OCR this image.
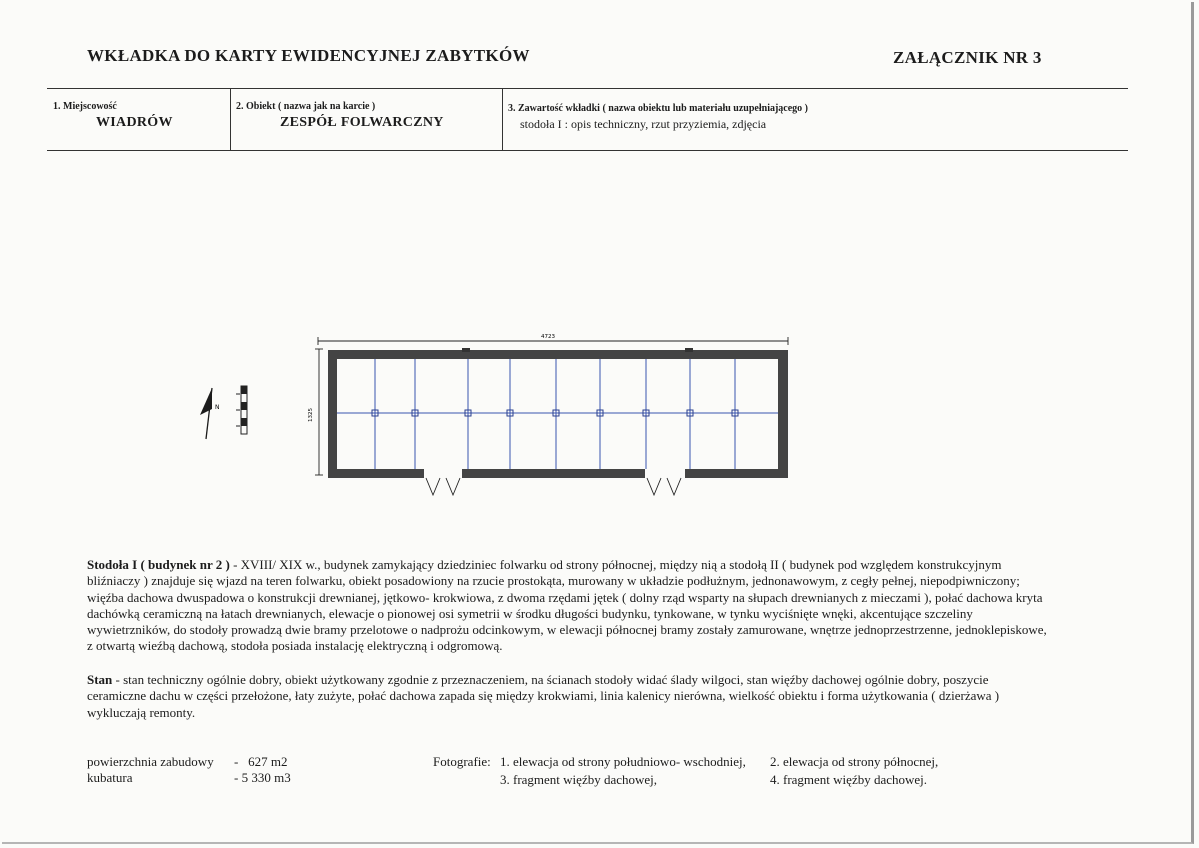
WKŁADKA DO KARTY EWIDENCYJNEJ ZABYTKÓW	ZAŁĄCZNIK NR 3
1. Miejscowość
WIADRÓW
2. Obiekt ( nazwa jak na karcie )
ZESPÓŁ FOLWARCZNY
3. Zawartość wkładki ( nazwa obiektu lub materiału uzupełniającego )
stodoła I : opis techniczny, rzut przyziemia, zdjęcia
N
4723
1325
Stodoła I ( budynek nr 2 ) - XVIII/ XIX w., budynek zamykający dziedziniec folwarku od strony północnej, między nią a stodołą II ( budynek pod względem konstrukcyjnym bliźniaczy ) znajduje się wjazd na teren folwarku, obiekt posadowiony na rzucie prostokąta, murowany w układzie podłużnym, jednonawowym, z cegły pełnej, niepodpiwniczony; więźba dachowa dwuspadowa o konstrukcji drewnianej, jętkowo- krokwiowa, z dwoma rzędami jętek ( dolny rząd wsparty na słupach drewnianych z mieczami ), połać dachowa kryta dachówką ceramiczną na łatach drewnianych, elewacje o pionowej osi symetrii w środku długości budynku, tynkowane, w tynku wyciśnięte wnęki, akcentujące szczeliny wywietrzników, do stodoły prowadzą dwie bramy przelotowe o nadprożu odcinkowym, w elewacji północnej bramy zostały zamurowane, wnętrze jednoprzestrzenne, jednoklepiskowe, z otwartą wieźbą dachową, stodoła posiada instalację elektryczną i odgromową.
Stan - stan techniczny ogólnie dobry, obiekt użytkowany zgodnie z przeznaczeniem, na ścianach stodoły widać ślady wilgoci, stan więźby dachowej ogólnie dobry, poszycie ceramiczne dachu w części przełożone, łaty zużyte, połać dachowa zapada się między krokwiami, linia kalenicy nierówna, wielkość obiektu i forma użytkowania ( dzierżawa ) wykluczają remonty.
powierzchnia zabudowy -   627 m2
kubatura	- 5 330 m3
Fotografie: 1. elewacja od strony południowo- wschodniej, 2. elewacja od strony północnej,
3. fragment więźby dachowej,	4. fragment więźby dachowej.
